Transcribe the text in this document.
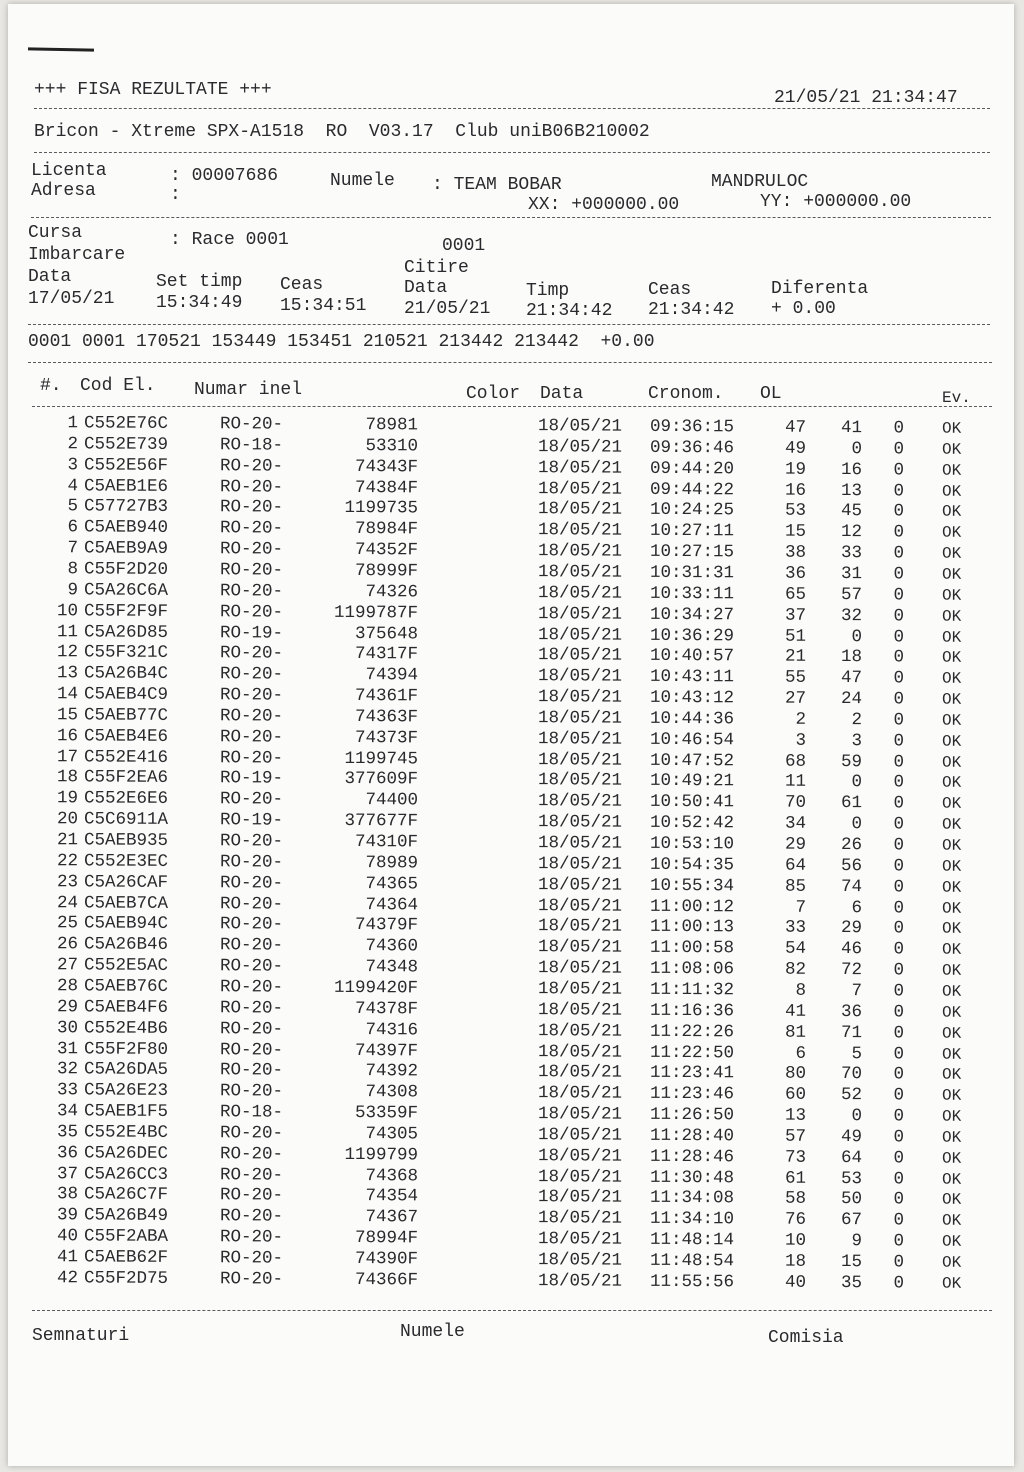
+++ FISA REZULTATE +++	21/05/21 21:34:47
Bricon - Xtreme SPX-A1518  RO  V03.17  Club uniB06B210002
Licenta	: 00007686	Numele : TEAM BOBAR	MANDRULOC
Adresa	:	XX: +000000.00	YY: +000000.00
Cursa	: Race 0001	0001
Imbarcare
Citire
Data	Set timp Ceas	Data	Timp	Ceas	Diferenta
17/05/21 15:34:49 15:34:51 21/05/21 21:34:42 21:34:42 + 0.00
0001 0001 170521 153449 153451 210521 213442 213442  +0.00
#. Cod El. Numar inel	Color Data	Cronom. OL	Ev.
1 C552E76C	RO-20-	78981	18/05/21 09:36:15	47	41	0 OK
2 C552E739	RO-18-	53310	18/05/21 09:36:46	49	0	0 OK
3 C552E56F	RO-20-	74343F	18/05/21 09:44:20	19	16	0 OK
4 C5AEB1E6	RO-20-	74384F	18/05/21 09:44:22	16	13	0 OK
5 C57727B3	RO-20-	1199735	18/05/21 10:24:25	53	45	0 OK
6 C5AEB940	RO-20-	78984F	18/05/21 10:27:11	15	12	0 OK
7 C5AEB9A9	RO-20-	74352F	18/05/21 10:27:15	38	33	0 OK
8 C55F2D20	RO-20-	78999F	18/05/21 10:31:31	36	31	0 OK
9 C5A26C6A	RO-20-	74326	18/05/21 10:33:11	65	57	0 OK
10 C55F2F9F	RO-20-	1199787F	18/05/21 10:34:27	37	32	0 OK
11 C5A26D85	RO-19-	375648	18/05/21 10:36:29	51	0	0 OK
12 C55F321C	RO-20-	74317F	18/05/21 10:40:57	21	18	0 OK
13 C5A26B4C	RO-20-	74394	18/05/21 10:43:11	55	47	0 OK
14 C5AEB4C9	RO-20-	74361F	18/05/21 10:43:12	27	24	0 OK
15 C5AEB77C	RO-20-	74363F	18/05/21 10:44:36	2	2	0 OK
16 C5AEB4E6	RO-20-	74373F	18/05/21 10:46:54	3	3	0 OK
17 C552E416	RO-20-	1199745	18/05/21 10:47:52	68	59	0 OK
18 C55F2EA6	RO-19-	377609F	18/05/21 10:49:21	11	0	0 OK
19 C552E6E6	RO-20-	74400	18/05/21 10:50:41	70	61	0 OK
20 C5C6911A	RO-19-	377677F	18/05/21 10:52:42	34	0	0 OK
21 C5AEB935	RO-20-	74310F	18/05/21 10:53:10	29	26	0 OK
22 C552E3EC	RO-20-	78989	18/05/21 10:54:35	64	56	0 OK
23 C5A26CAF	RO-20-	74365	18/05/21 10:55:34	85	74	0 OK
24 C5AEB7CA	RO-20-	74364	18/05/21 11:00:12	7	6	0 OK
25 C5AEB94C	RO-20-	74379F	18/05/21 11:00:13	33	29	0 OK
26 C5A26B46	RO-20-	74360	18/05/21 11:00:58	54	46	0 OK
27 C552E5AC	RO-20-	74348	18/05/21 11:08:06	82	72	0 OK
28 C5AEB76C	RO-20-	1199420F	18/05/21 11:11:32	8	7	0 OK
29 C5AEB4F6	RO-20-	74378F	18/05/21 11:16:36	41	36	0 OK
30 C552E4B6	RO-20-	74316	18/05/21 11:22:26	81	71	0 OK
31 C55F2F80	RO-20-	74397F	18/05/21 11:22:50	6	5	0 OK
32 C5A26DA5	RO-20-	74392	18/05/21 11:23:41	80	70	0 OK
33 C5A26E23	RO-20-	74308	18/05/21 11:23:46	60	52	0 OK
34 C5AEB1F5	RO-18-	53359F	18/05/21 11:26:50	13	0	0 OK
35 C552E4BC	RO-20-	74305	18/05/21 11:28:40	57	49	0 OK
36 C5A26DEC	RO-20-	1199799	18/05/21 11:28:46	73	64	0 OK
37 C5A26CC3	RO-20-	74368	18/05/21 11:30:48	61	53	0 OK
38 C5A26C7F	RO-20-	74354	18/05/21 11:34:08	58	50	0 OK
39 C5A26B49	RO-20-	74367	18/05/21 11:34:10	76	67	0 OK
40 C55F2ABA	RO-20-	78994F	18/05/21 11:48:14	10	9	0 OK
41 C5AEB62F	RO-20-	74390F	18/05/21 11:48:54	18	15	0 OK
42 C55F2D75	RO-20-	74366F	18/05/21 11:55:56	40	35	0 OK
Semnaturi	Numele	Comisia
